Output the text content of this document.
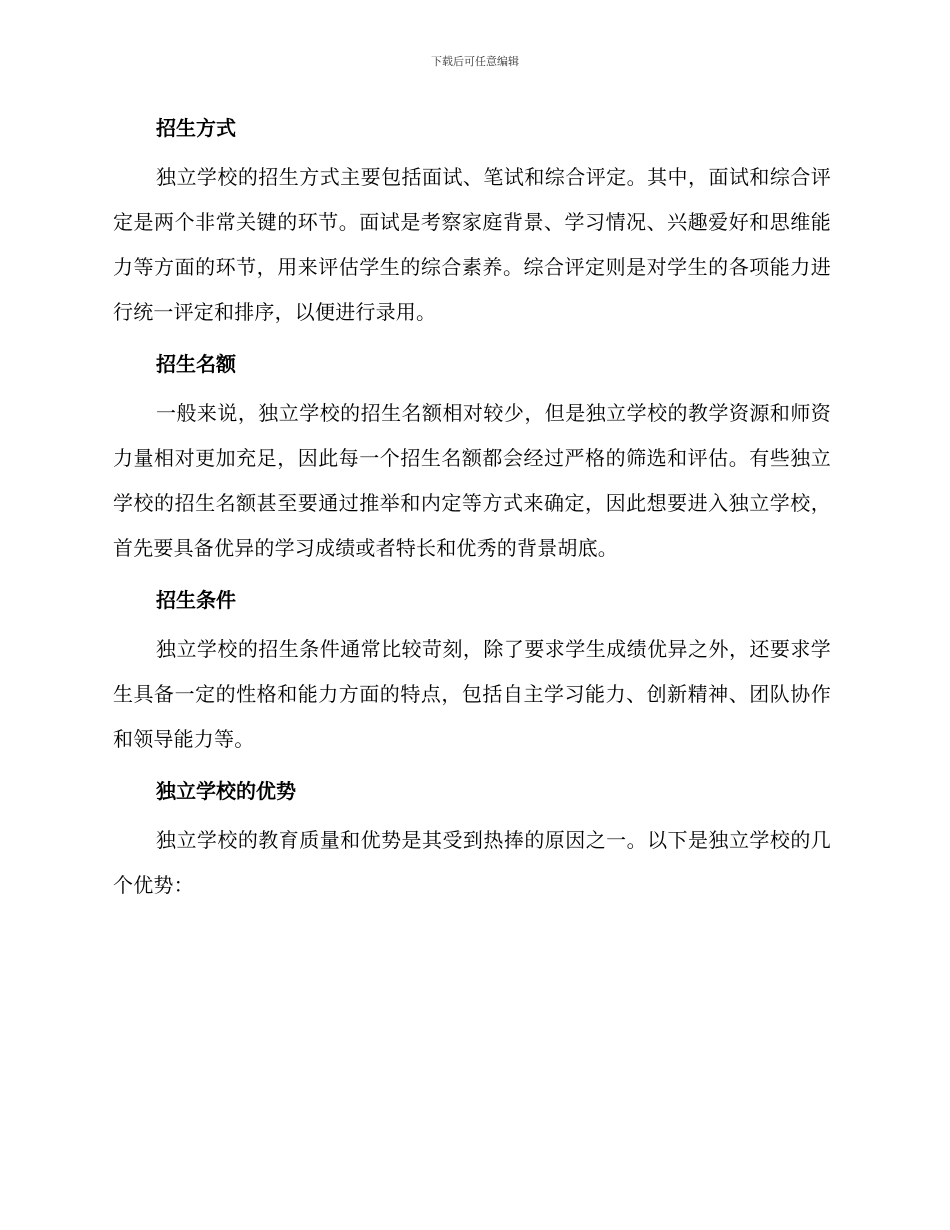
下载后可任意编辑
招生方式

独立学校的招生方式主要包括面试、笔试和综合评定。其中，面试和综合评定是两个非常关键的环节。面试是考察家庭背景、学习情况、兴趣爱好和思维能力等方面的环节，用来评估学生的综合素养。综合评定则是对学生的各项能力进行统一评定和排序，以便进行录用。

招生名额

一般来说，独立学校的招生名额相对较少，但是独立学校的教学资源和师资力量相对更加充足，因此每一个招生名额都会经过严格的筛选和评估。有些独立学校的招生名额甚至要通过推举和内定等方式来确定，因此想要进入独立学校，首先要具备优异的学习成绩或者特长和优秀的背景胡底。

招生条件

独立学校的招生条件通常比较苛刻，除了要求学生成绩优异之外，还要求学生具备一定的性格和能力方面的特点，包括自主学习能力、创新精神、团队协作和领导能力等。

独立学校的优势

独立学校的教育质量和优势是其受到热捧的原因之一。以下是独立学校的几个优势：
